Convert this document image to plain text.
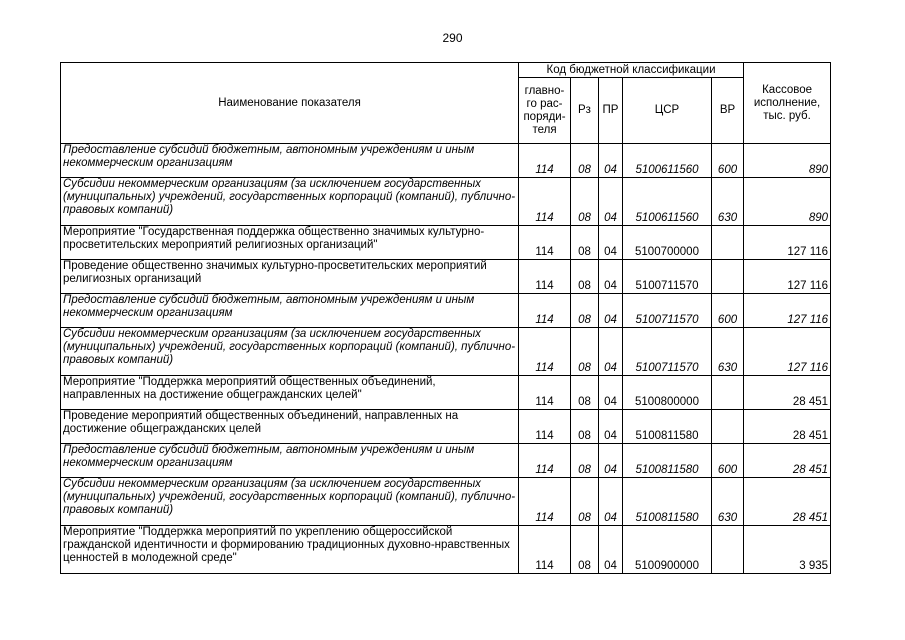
290
Наименование показателя	Код бюджетной классификации					Кассовое исполнение, тыс. руб.
	главно-го рас-поряди-теля	Рз	ПР	ЦСР	ВР	
Предоставление субсидий бюджетным, автономным учреждениям и иным некоммерческим организациям	114	08	04	5100611560	600	890
Субсидии некоммерческим организациям (за исключением государственных (муниципальных) учреждений, государственных корпораций (компаний), публично-правовых компаний)	114	08	04	5100611560	630	890
Мероприятие "Государственная поддержка общественно значимых культурно-просветительских мероприятий религиозных организаций"	114	08	04	5100700000		127 116
Проведение общественно значимых культурно-просветительских мероприятий религиозных организаций	114	08	04	5100711570		127 116
Предоставление субсидий бюджетным, автономным учреждениям и иным некоммерческим организациям	114	08	04	5100711570	600	127 116
Субсидии некоммерческим организациям (за исключением государственных (муниципальных) учреждений, государственных корпораций (компаний), публично-правовых компаний)	114	08	04	5100711570	630	127 116
Мероприятие "Поддержка мероприятий общественных объединений, направленных на достижение общегражданских целей"	114	08	04	5100800000		28 451
Проведение мероприятий общественных объединений, направленных на достижение общегражданских целей	114	08	04	5100811580		28 451
Предоставление субсидий бюджетным, автономным учреждениям и иным некоммерческим организациям	114	08	04	5100811580	600	28 451
Субсидии некоммерческим организациям (за исключением государственных (муниципальных) учреждений, государственных корпораций (компаний), публично-правовых компаний)	114	08	04	5100811580	630	28 451
Мероприятие "Поддержка мероприятий по укреплению общероссийской гражданской идентичности и формированию традиционных духовно-нравственных ценностей в молодежной среде"	114	08	04	5100900000		3 935
